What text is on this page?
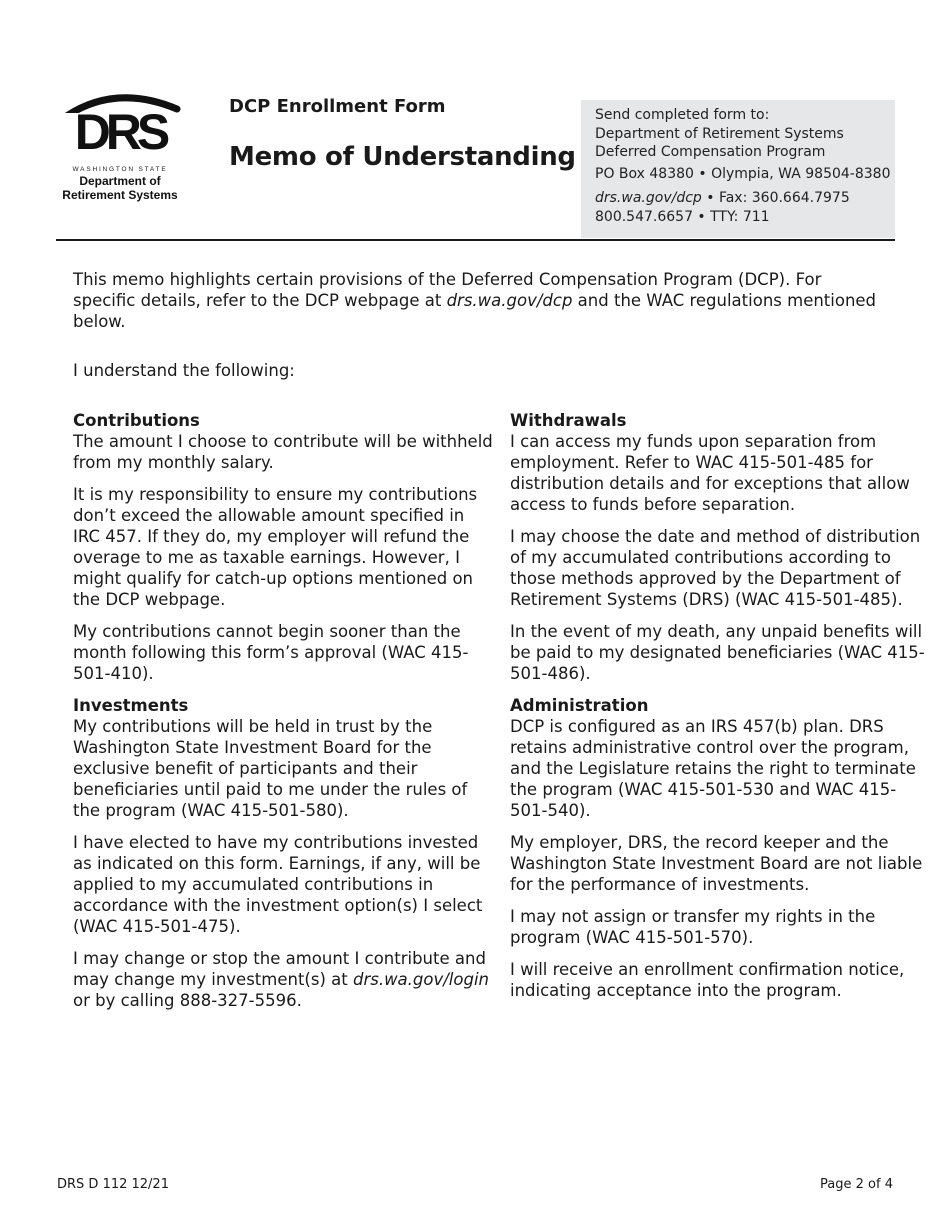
DRS
WASHINGTON STATE
Department of
Retirement Systems
DCP Enrollment Form
Memo of Understanding
Send completed form to:
Department of Retirement Systems
Deferred Compensation Program
PO Box 48380 • Olympia, WA 98504-8380
drs.wa.gov/dcp • Fax: 360.664.7975
800.547.6657 • TTY: 711

This memo highlights certain provisions of the Deferred Compensation Program (DCP). For specific details, refer to the DCP webpage at drs.wa.gov/dcp and the WAC regulations mentioned below.

I understand the following:

Contributions

The amount I choose to contribute will be withheld from my monthly salary.

It is my responsibility to ensure my contributions don’t exceed the allowable amount specified in IRC 457. If they do, my employer will refund the overage to me as taxable earnings. However, I might qualify for catch-up options mentioned on the DCP webpage.

My contributions cannot begin sooner than the month following this form’s approval (WAC 415-501-410).

Investments

My contributions will be held in trust by the Washington State Investment Board for the exclusive benefit of participants and their beneficiaries until paid to me under the rules of the program (WAC 415-501-580).

I have elected to have my contributions invested as indicated on this form. Earnings, if any, will be applied to my accumulated contributions in accordance with the investment option(s) I select (WAC 415-501-475).

I may change or stop the amount I contribute and may change my investment(s) at drs.wa.gov/login or by calling 888-327-5596.

Withdrawals

I can access my funds upon separation from employment. Refer to WAC 415-501-485 for distribution details and for exceptions that allow access to funds before separation.

I may choose the date and method of distribution of my accumulated contributions according to those methods approved by the Department of Retirement Systems (DRS) (WAC 415-501-485).

In the event of my death, any unpaid benefits will be paid to my designated beneficiaries (WAC 415-501-486).

Administration

DCP is configured as an IRS 457(b) plan. DRS retains administrative control over the program, and the Legislature retains the right to terminate the program (WAC 415-501-530 and WAC 415-501-540).

My employer, DRS, the record keeper and the Washington State Investment Board are not liable for the performance of investments.

I may not assign or transfer my rights in the program (WAC 415-501-570).

I will receive an enrollment confirmation notice, indicating acceptance into the program.

DRS D 112 12/21	Page 2 of 4
